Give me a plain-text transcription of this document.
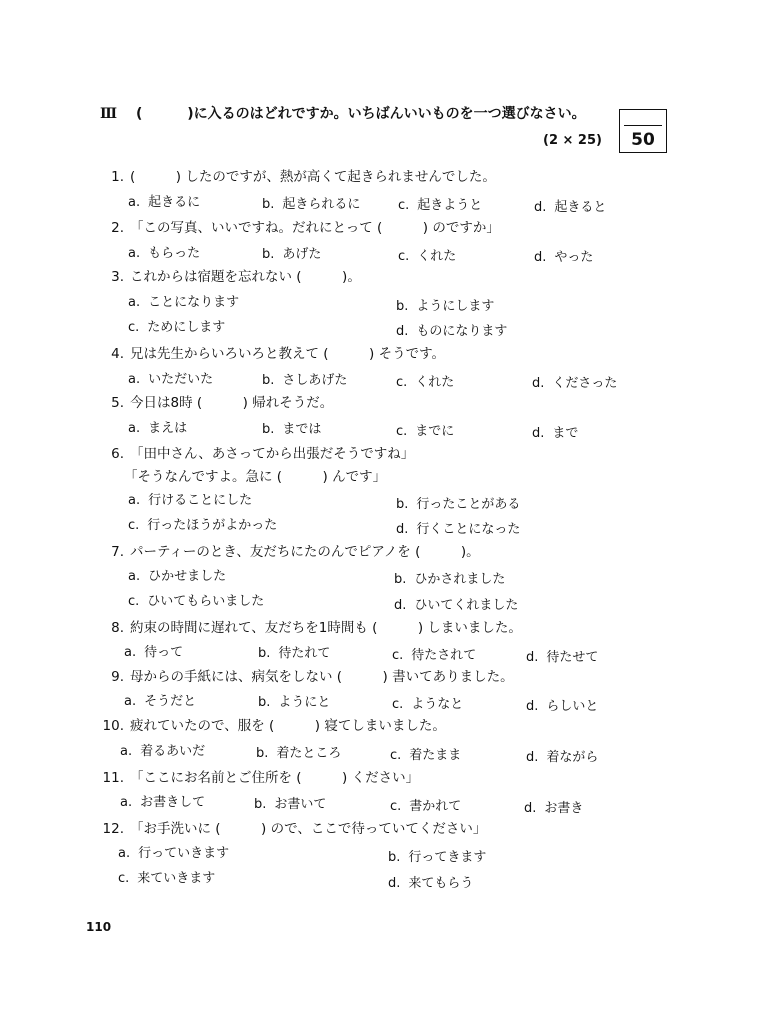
Ⅲ (	)に入るのはどれですか。いちばんいいものを一つ選びなさい。
(2 × 25)	50
1. (　　　) したのですが、熱が高くて起きられませんでした。
a. 起きるに	b. 起きられるに	c. 起きようと	d. 起きると
2. 「この写真、いいですね。だれにとって (　　　) のですか」
a. もらった	b. あげた	c. くれた	d. やった
3. これからは宿題を忘れない (　　　)。
a. ことになります	b. ようにします
c. ためにします	d. ものになります
4. 兄は先生からいろいろと教えて (　　　) そうです。
a. いただいた	b. さしあげた	c. くれた	d. くださった
5. 今日は8時 (　　　) 帰れそうだ。
a. まえは	b. までは	c. までに	d. まで
6. 「田中さん、あさってから出張だそうですね」
「そうなんですよ。急に (　　　) んです」
a. 行けることにした	b. 行ったことがある
c. 行ったほうがよかった	d. 行くことになった
7. パーティーのとき、友だちにたのんでピアノを (　　　)。
a. ひかせました	b. ひかされました
c. ひいてもらいました	d. ひいてくれました
8. 約束の時間に遅れて、友だちを1時間も (　　　) しまいました。
a. 待って	b. 待たれて	c. 待たされて	d. 待たせて
9. 母からの手紙には、病気をしない (　　　) 書いてありました。
a. そうだと	b. ようにと	c. ようなと	d. らしいと
10. 疲れていたので、服を (　　　) 寝てしまいました。
a. 着るあいだ	b. 着たところ	c. 着たまま	d. 着ながら
11. 「ここにお名前とご住所を (　　　) ください」
a. お書きして	b. お書いて	c. 書かれて	d. お書き
12. 「お手洗いに (　　　) ので、ここで待っていてください」
a. 行っていきます	b. 行ってきます
c. 来ていきます	d. 来てもらう
110
